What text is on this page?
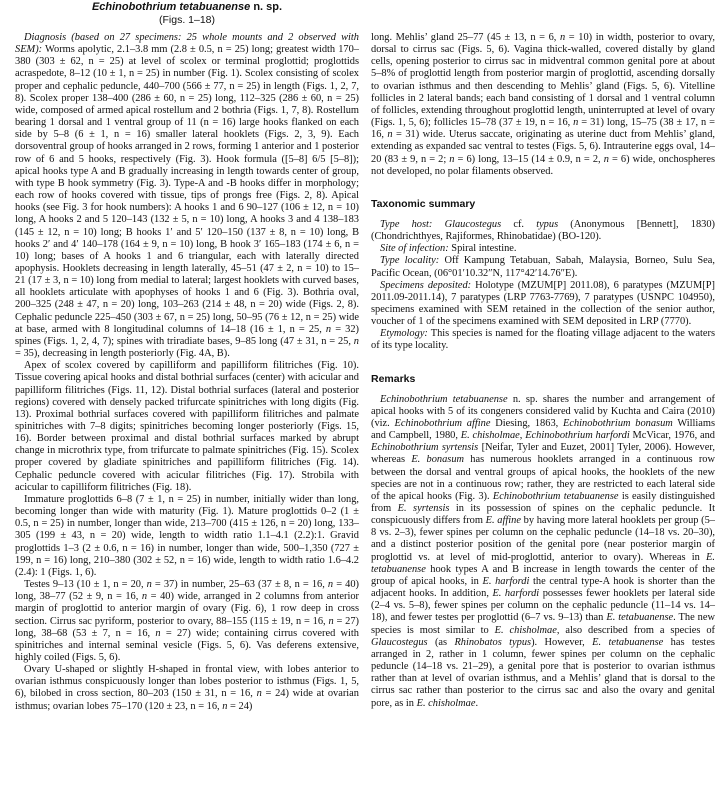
Echinobothrium tetabuanense n. sp.
(Figs. 1–18)

Diagnosis (based on 27 specimens: 25 whole mounts and 2 observed with SEM): Worms apolytic, 2.1–3.8 mm (2.8 ± 0.5, n = 25) long; greatest width 170–380 (303 ± 62, n = 25) at level of scolex or terminal proglottid; proglottids acraspedote, 8–12 (10 ± 1, n = 25) in number (Fig. 1). Scolex consisting of scolex proper and cephalic peduncle, 440–700 (566 ± 77, n = 25) in length (Figs. 1, 2, 7, 8). Scolex proper 138–400 (286 ± 60, n = 25) long, 112–325 (286 ± 60, n = 25) wide, composed of armed apical rostellum and 2 bothria (Figs. 1, 7, 8). Rostellum bearing 1 dorsal and 1 ventral group of 11 (n = 16) large hooks flanked on each side by 5–8 (6 ± 1, n = 16) smaller lateral hooklets (Figs. 2, 3, 9). Each dorsoventral group of hooks arranged in 2 rows, forming 1 anterior and 1 posterior row of 6 and 5 hooks, respectively (Fig. 3). Hook formula ([5–8] 6/5 [5–8]); apical hooks type A and B gradually increasing in length towards center of group, with type B hook symmetry (Fig. 3). Type-A and -B hooks differ in morphology; each row of hooks covered with tissue, tips of prongs free (Figs. 2, 8). Apical hooks (see Fig. 3 for hook numbers): A hooks 1 and 6 90–127 (106 ± 12, n = 10) long, A hooks 2 and 5 120–143 (132 ± 5, n = 10) long, A hooks 3 and 4 138–183 (145 ± 12, n = 10) long; B hooks 1′ and 5′ 120–150 (137 ± 8, n = 10) long, B hooks 2′ and 4′ 140–178 (164 ± 9, n = 10) long, B hook 3′ 165–183 (174 ± 6, n = 10) long; bases of A hooks 1 and 6 triangular, each with laterally directed apophysis. Hooklets decreasing in length laterally, 45–51 (47 ± 2, n = 10) to 15–21 (17 ± 3, n = 10) long from medial to lateral; largest hooklets with curved bases, all hooklets articulate with apophyses of hooks 1 and 6 (Fig. 3). Bothria oval, 200–325 (248 ± 47, n = 20) long, 103–263 (214 ± 48, n = 20) wide (Figs. 2, 8). Cephalic peduncle 225–450 (303 ± 67, n = 25) long, 50–95 (76 ± 12, n = 25) wide at base, armed with 8 longitudinal columns of 14–18 (16 ± 1, n = 25, n = 32) spines (Figs. 1, 2, 4, 7); spines with triradiate bases, 9–85 long (47 ± 31, n = 25, n = 35), decreasing in length posteriorly (Fig. 4A, B).

Apex of scolex covered by capilliform and papilliform filitriches (Fig. 10). Tissue covering apical hooks and distal bothrial surfaces (center) with acicular and papilliform filitriches (Figs. 11, 12). Distal bothrial surfaces (lateral and posterior regions) covered with densely packed trifurcate spinitriches with long digits (Fig. 13). Proximal bothrial surfaces covered with papilliform filitriches and palmate spinitriches with 7–8 digits; spinitriches becoming longer posteriorly (Figs. 15, 16). Border between proximal and distal bothrial surfaces marked by abrupt change in microthrix type, from trifurcate to palmate spinitriches (Fig. 15). Scolex proper covered by gladiate spinitriches and papilliform filitriches (Fig. 14). Cephalic peduncle covered with acicular filitriches (Fig. 17). Strobila with acicular to capilliform filitriches (Fig. 18).

Immature proglottids 6–8 (7 ± 1, n = 25) in number, initially wider than long, becoming longer than wide with maturity (Fig. 1). Mature proglottids 0–2 (1 ± 0.5, n = 25) in number, longer than wide, 213–700 (415 ± 126, n = 20) long, 133–305 (199 ± 43, n = 20) wide, length to width ratio 1.1–4.1 (2.2):1. Gravid proglottids 1–3 (2 ± 0.6, n = 16) in number, longer than wide, 500–1,350 (727 ± 199, n = 16) long, 210–380 (302 ± 52, n = 16) wide, length to width ratio 1.6–4.2 (2.4): 1 (Figs. 1, 6).

Testes 9–13 (10 ± 1, n = 20, n = 37) in number, 25–63 (37 ± 8, n = 16, n = 40) long, 38–77 (52 ± 9, n = 16, n = 40) wide, arranged in 2 columns from anterior margin of proglottid to anterior margin of ovary (Fig. 6), 1 row deep in cross section. Cirrus sac pyriform, posterior to ovary, 88–155 (115 ± 19, n = 16, n = 27) long, 38–68 (53 ± 7, n = 16, n = 27) wide; containing cirrus covered with spinitriches and internal seminal vesicle (Figs. 5, 6). Vas deferens extensive, highly coiled (Figs. 5, 6).

Ovary U-shaped or slightly H-shaped in frontal view, with lobes anterior to ovarian isthmus conspicuously longer than lobes posterior to isthmus (Figs. 1, 5, 6), bilobed in cross section, 80–203 (150 ± 31, n = 16, n = 24) wide at ovarian isthmus; ovarian lobes 75–170 (120 ± 23, n = 16, n = 24)

long. Mehlis’ gland 25–77 (45 ± 13, n = 6, n = 10) in width, posterior to ovary, dorsal to cirrus sac (Figs. 5, 6). Vagina thick-walled, covered distally by gland cells, opening posterior to cirrus sac in midventral common genital pore at about 5–8% of proglottid length from posterior margin of proglottid, ascending dorsally to ovarian isthmus and then descending to Mehlis’ gland (Figs. 5, 6). Vitelline follicles in 2 lateral bands; each band consisting of 1 dorsal and 1 ventral column of follicles, extending throughout proglottid length, uninterrupted at level of ovary (Figs. 1, 5, 6); follicles 15–78 (37 ± 19, n = 16, n = 31) long, 15–75 (38 ± 17, n = 16, n = 31) wide. Uterus saccate, originating as uterine duct from Mehlis’ gland, extending as expanded sac ventral to testes (Figs. 5, 6). Intrauterine eggs oval, 14–20 (83 ± 9, n = 2; n = 6) long, 13–15 (14 ± 0.9, n = 2, n = 6) wide, onchospheres not developed, no polar filaments observed.

Taxonomic summary

Type host: Glaucostegus cf. typus (Anonymous [Bennett], 1830) (Chondrichthyes, Rajiformes, Rhinobatidae) (BO-120).

Site of infection: Spiral intestine.

Type locality: Off Kampung Tetabuan, Sabah, Malaysia, Borneo, Sulu Sea, Pacific Ocean, (06°01′10.32″N, 117°42′14.76″E).

Specimens deposited: Holotype (MZUM[P] 2011.08), 6 paratypes (MZUM[P] 2011.09-2011.14), 7 paratypes (LRP 7763-7769), 7 paratypes (USNPC 104950), specimens examined with SEM retained in the collection of the senior author, voucher of 1 of the specimens examined with SEM deposited in LRP (7770).

Etymology: This species is named for the floating village adjacent to the waters of its type locality.

Remarks

Echinobothrium tetabuanense n. sp. shares the number and arrangement of apical hooks with 5 of its congeners considered valid by Kuchta and Caira (2010) (viz. Echinobothrium affine Diesing, 1863, Echinobothrium bonasum Williams and Campbell, 1980, E. chisholmae, Echinobothrium harfordi McVicar, 1976, and Echinobothrium syrtensis [Neifar, Tyler and Euzet, 2001] Tyler, 2006). However, whereas E. bonasum has numerous hooklets arranged in a continuous row between the dorsal and ventral groups of apical hooks, the hooklets of the new species are not in a continuous row; rather, they are restricted to each lateral side of the apical hooks (Fig. 3). Echinobothrium tetabuanense is easily distinguished from E. syrtensis in its possession of spines on the cephalic peduncle. It conspicuously differs from E. affine by having more lateral hooklets per group (5–8 vs. 2–3), fewer spines per column on the cephalic peduncle (14–18 vs. 20–30), and a distinct posterior position of the genital pore (near posterior margin of proglottid vs. at level of mid-proglottid, anterior to ovary). Whereas in E. tetabuanense hook types A and B increase in length towards the center of the group of apical hooks, in E. harfordi the central type-A hook is shorter than the adjacent hooks. In addition, E. harfordi possesses fewer hooklets per lateral side (2–4 vs. 5–8), fewer spines per column on the cephalic peduncle (11–14 vs. 14–18), and fewer testes per proglottid (6–7 vs. 9–13) than E. tetabuanense. The new species is most similar to E. chisholmae, also described from a species of Glaucostegus (as Rhinobatos typus). However, E. tetabuanense has testes arranged in 2, rather in 1 column, fewer spines per column on the cephalic peduncle (14–18 vs. 21–29), a genital pore that is posterior to ovarian isthmus rather than at level of ovarian isthmus, and a Mehlis’ gland that is dorsal to the cirrus sac rather than posterior to the cirrus sac and also the ovary and genital pore, as in E. chisholmae.
